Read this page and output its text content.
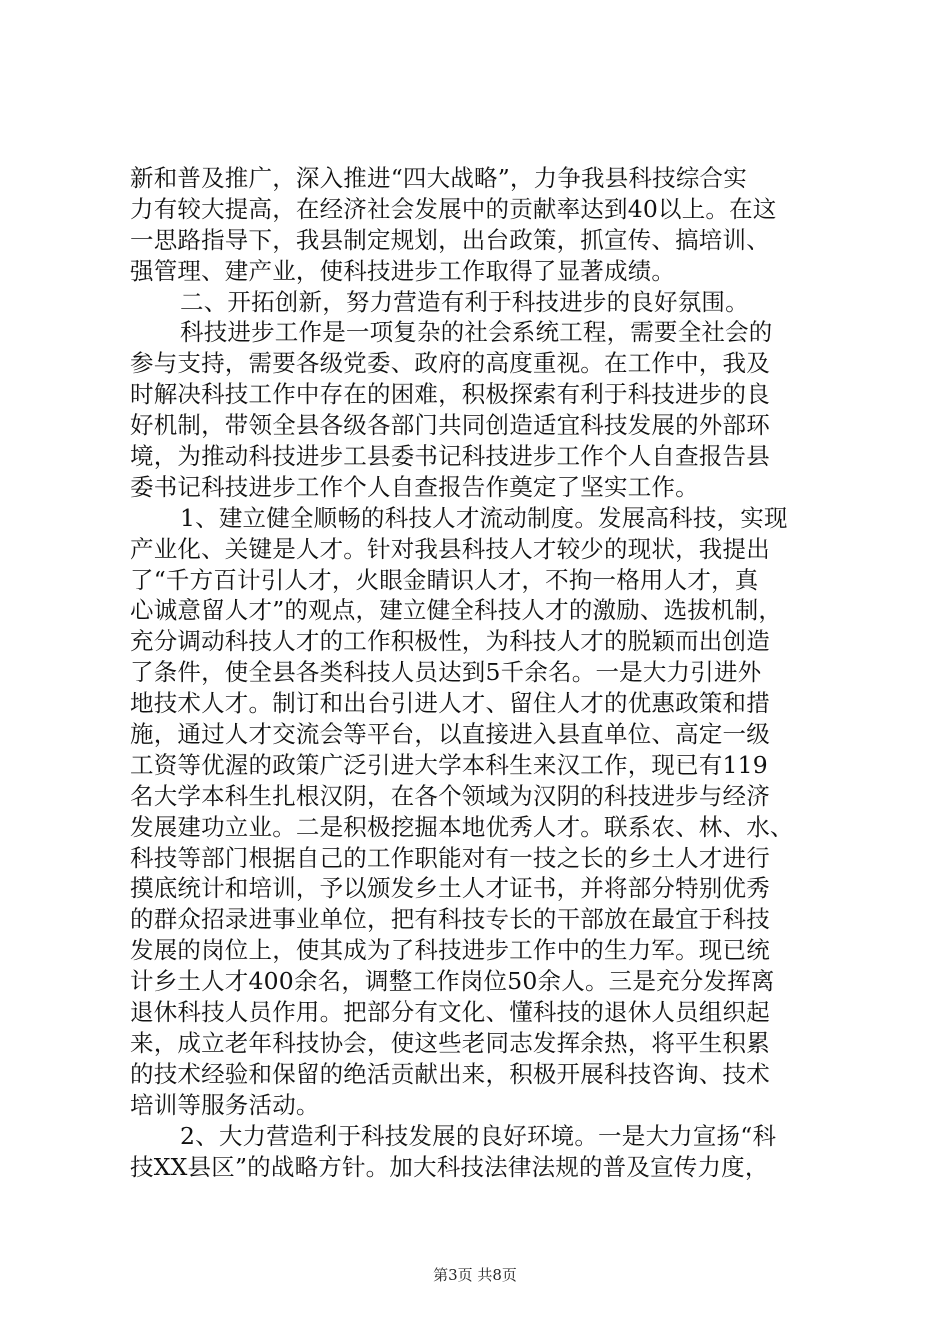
新和普及推广，深入推进“四大战略”，力争我县科技综合实
力有较大提高，在经济社会发展中的贡献率达到40以上。在这
一思路指导下，我县制定规划，出台政策，抓宣传、搞培训、
强管理、建产业，使科技进步工作取得了显著成绩。
二、开拓创新，努力营造有利于科技进步的良好氛围。
科技进步工作是一项复杂的社会系统工程，需要全社会的
参与支持，需要各级党委、政府的高度重视。在工作中，我及
时解决科技工作中存在的困难，积极探索有利于科技进步的良
好机制，带领全县各级各部门共同创造适宜科技发展的外部环
境，为推动科技进步工县委书记科技进步工作个人自查报告县
委书记科技进步工作个人自查报告作奠定了坚实工作。
1、建立健全顺畅的科技人才流动制度。发展高科技，实现
产业化、关键是人才。针对我县科技人才较少的现状，我提出
了“千方百计引人才，火眼金睛识人才，不拘一格用人才，真
心诚意留人才”的观点，建立健全科技人才的激励、选拔机制，
充分调动科技人才的工作积极性，为科技人才的脱颖而出创造
了条件，使全县各类科技人员达到5千余名。一是大力引进外
地技术人才。制订和出台引进人才、留住人才的优惠政策和措
施，通过人才交流会等平台，以直接进入县直单位、高定一级
工资等优渥的政策广泛引进大学本科生来汉工作，现已有119
名大学本科生扎根汉阴，在各个领域为汉阴的科技进步与经济
发展建功立业。二是积极挖掘本地优秀人才。联系农、林、水、
科技等部门根据自己的工作职能对有一技之长的乡土人才进行
摸底统计和培训，予以颁发乡土人才证书，并将部分特别优秀
的群众招录进事业单位，把有科技专长的干部放在最宜于科技
发展的岗位上，使其成为了科技进步工作中的生力军。现已统
计乡土人才400余名，调整工作岗位50余人。三是充分发挥离
退休科技人员作用。把部分有文化、懂科技的退休人员组织起
来，成立老年科技协会，使这些老同志发挥余热，将平生积累
的技术经验和保留的绝活贡献出来，积极开展科技咨询、技术
培训等服务活动。
2、大力营造利于科技发展的良好环境。一是大力宣扬“科
技XX县区”的战略方针。加大科技法律法规的普及宣传力度，
第3页 共8页
